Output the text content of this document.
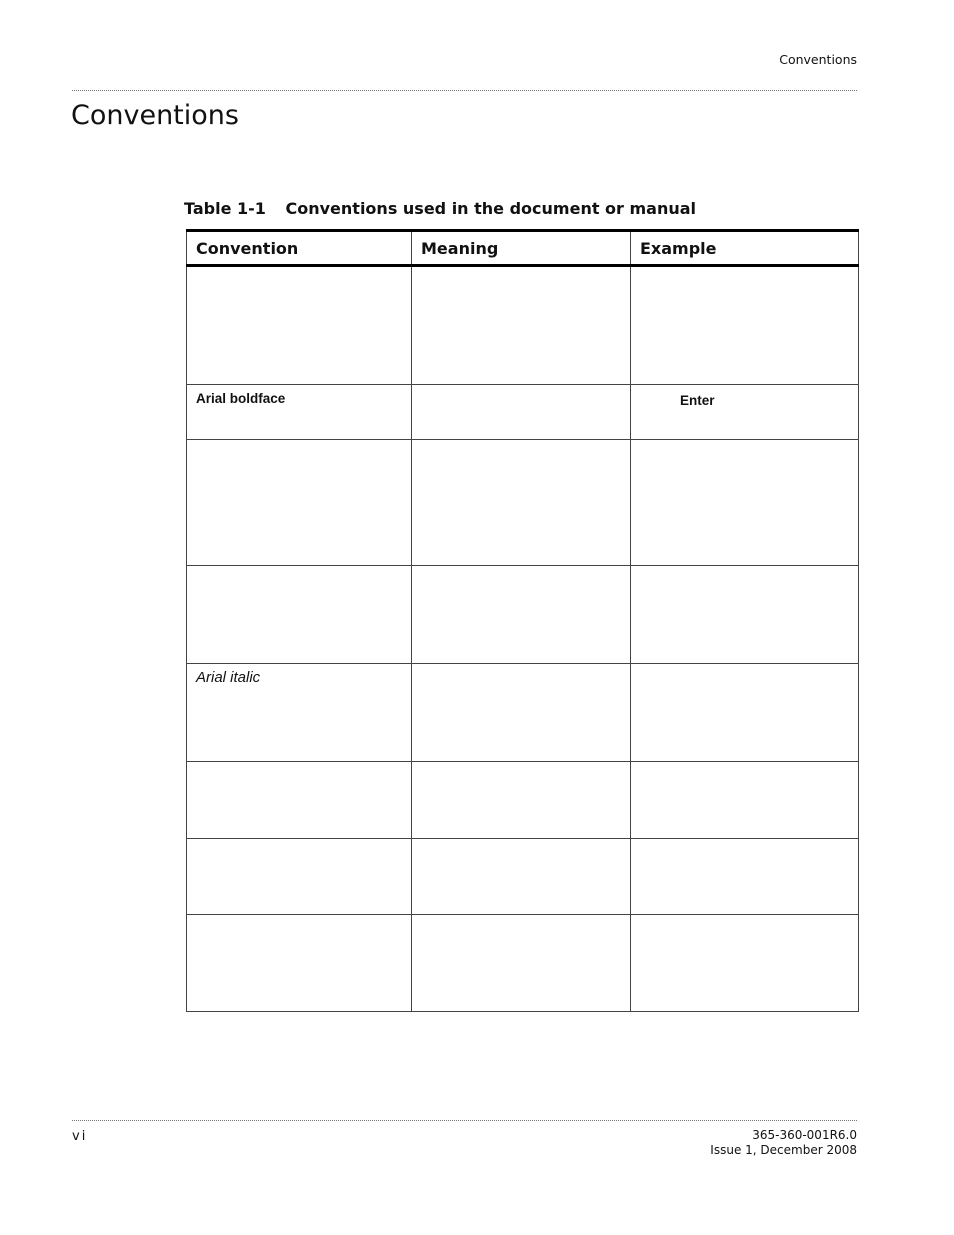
Conventions
Conventions
Table 1-1 Conventions used in the document or manual
Convention	Meaning	Example

Arial boldface		Enter

Arial italic		

vi	365-360-001R6.0
Issue 1, December 2008
